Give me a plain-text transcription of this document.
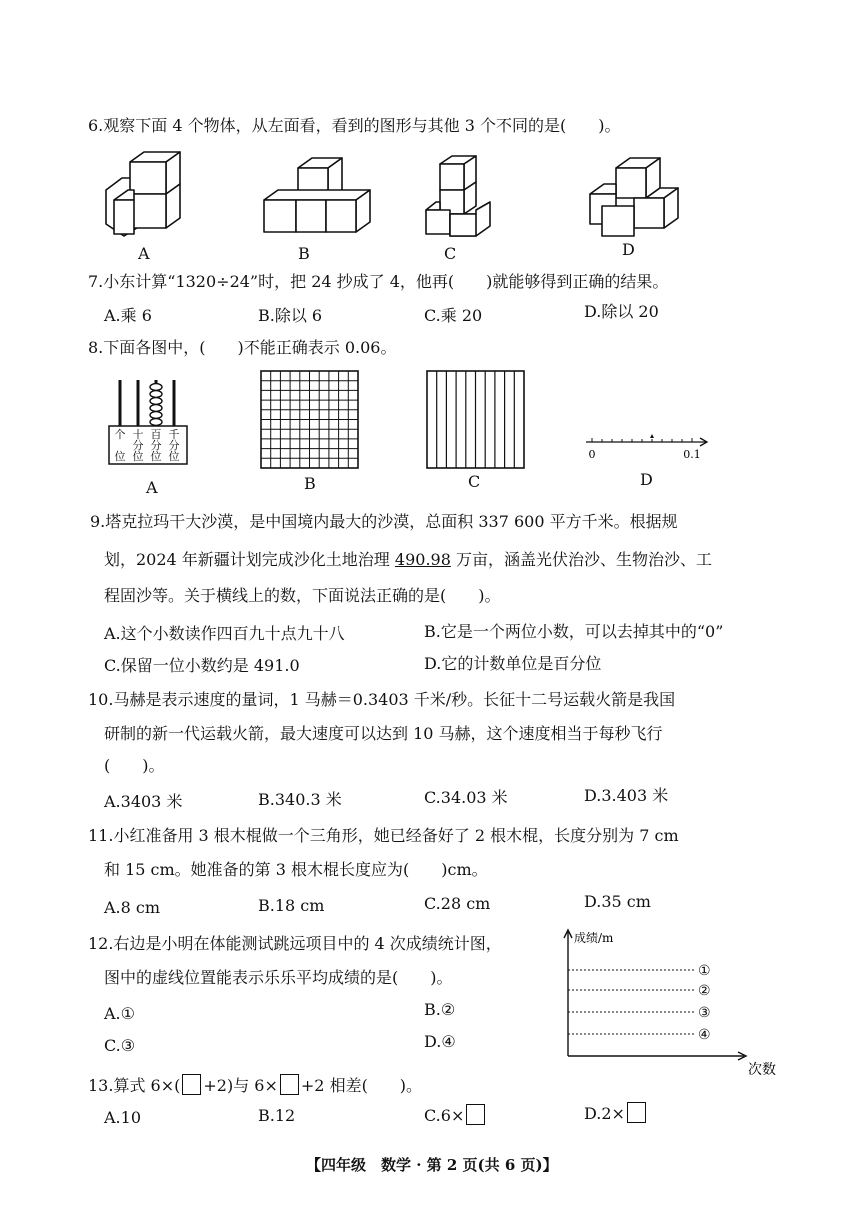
6.观察下面 4 个物体，从左面看，看到的图形与其他 3 个不同的是(　　)。
A	B	C	D
7.小东计算“1320÷24”时，把 24 抄成了 4，他再(　　)就能够得到正确的结果。
A.乘 6	B.除以 6	C.乘 20	D.除以 20
8.下面各图中，(　　)不能正确表示 0.06。
个
位
十
分
位
百
分
位
千
分
位	0	0.1
A	B	C	D
9.塔克拉玛干大沙漠，是中国境内最大的沙漠，总面积 337 600 平方千米。根据规
划，2024 年新疆计划完成沙化土地治理 490.98 万亩，涵盖光伏治沙、生物治沙、工
程固沙等。关于横线上的数，下面说法正确的是(　　)。
A.这个小数读作四百九十点九十八	B.它是一个两位小数，可以去掉其中的“0”
C.保留一位小数约是 491.0	D.它的计数单位是百分位
10.马赫是表示速度的量词，1 马赫＝0.3403 千米/秒。长征十二号运载火箭是我国
研制的新一代运载火箭，最大速度可以达到 10 马赫，这个速度相当于每秒飞行
(　　)。
A.3403 米	B.340.3 米	C.34.03 米	D.3.403 米
11.小红准备用 3 根木棍做一个三角形，她已经备好了 2 根木棍，长度分别为 7 cm
和 15 cm。她准备的第 3 根木棍长度应为(　　)cm。
A.8 cm	B.18 cm	C.28 cm	D.35 cm
12.右边是小明在体能测试跳远项目中的 4 次成绩统计图，
图中的虚线位置能表示乐乐平均成绩的是(　　)。
A.①	B.②
C.③	D.④
①
②
③
④
成绩/m
次数
13.算式 6×( +2)与 6× +2 相差(　　)。
A.10	B.12	C.6×	D.2×
【四年级　数学 · 第 2 页(共 6 页)】
